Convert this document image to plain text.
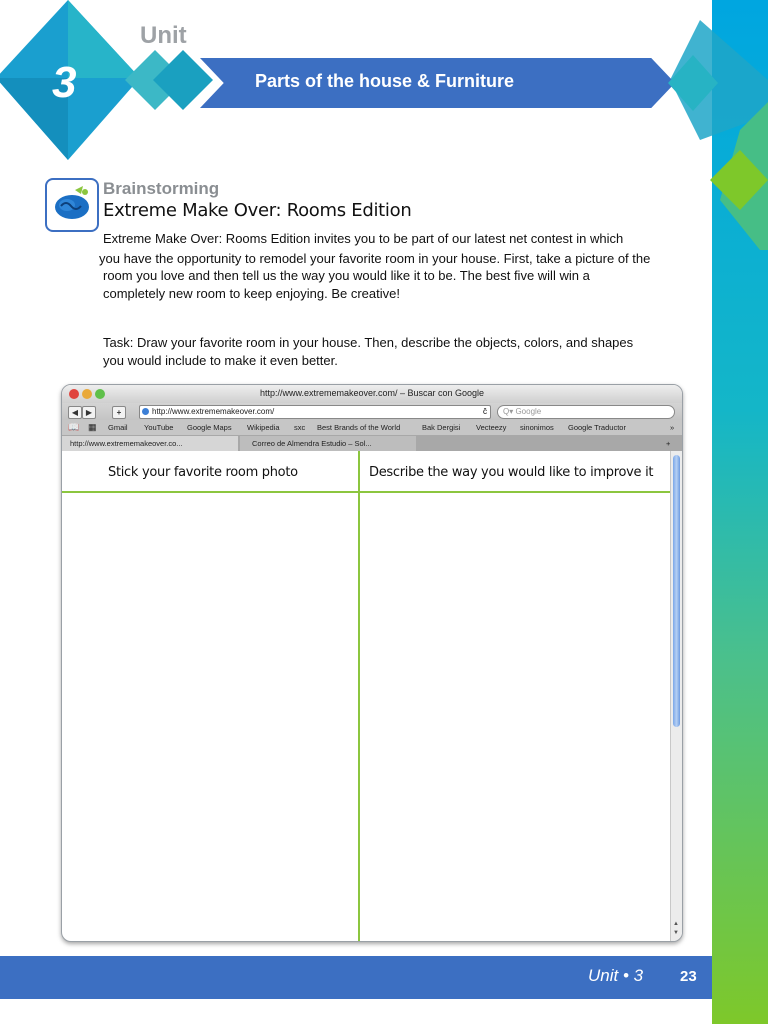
3
Unit
Parts of the house & Furniture
Brainstorming
Extreme Make Over: Rooms Edition
Extreme Make Over: Rooms Edition invites you to be part of our latest net contest in which
you have the opportunity to remodel your favorite room in your house. First, take a picture of the
room you love and then tell us the way you would like it to be. The best five will win a
completely new room to keep enjoying. Be creative!
Task: Draw your favorite room in your house. Then, describe the objects, colors, and shapes
you would include to make it even better.
http://www.extrememakeover.com/ – Buscar con Google
◀ ▶	+	http://www.extrememakeover.com/	ĉ	Q▾ Google
📖 ▦ Gmail YouTube Google Maps Wikipedia sxc Best Brands of the World	Bak Dergisi Vecteezy sinonimos Google Traductor	»
http://www.extrememakeover.co...	Correo de Almendra Estudio – Sol...	+
Stick your favorite room photo	Describe the way you would like to improve it
▲
▼
Unit • 3 23
